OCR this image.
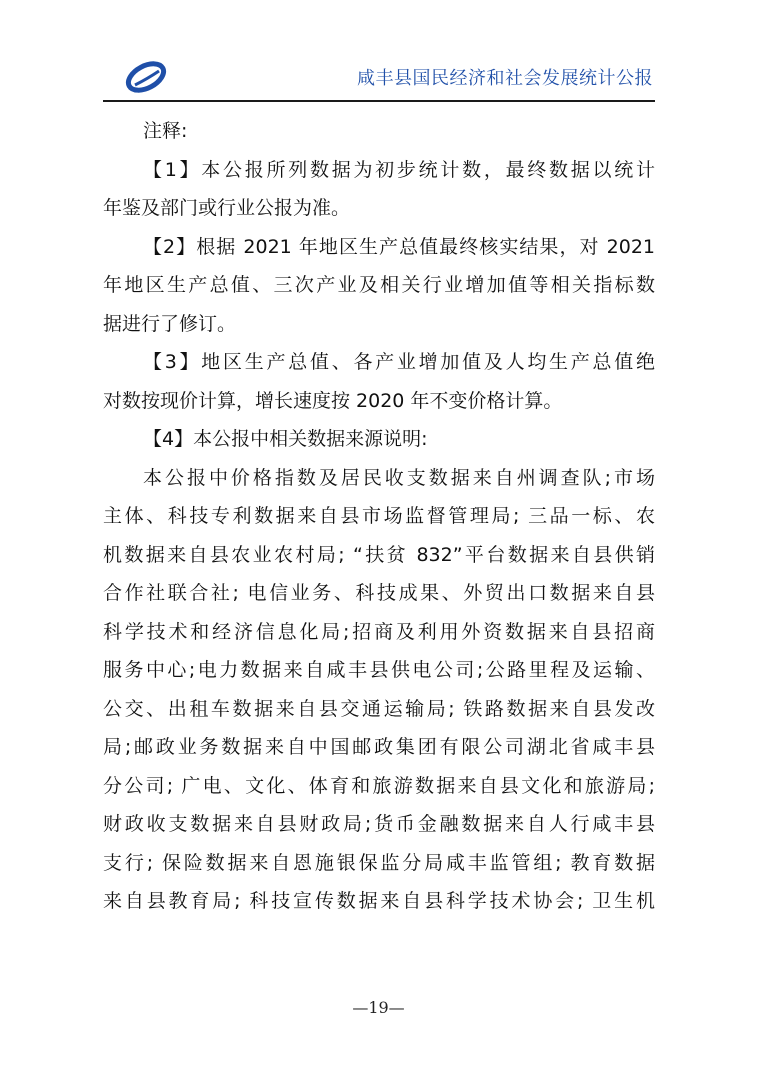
咸丰县国民经济和社会发展统计公报
注释:
【1】本公报所列数据为初步统计数，最终数据以统计
年鉴及部门或行业公报为准。
【2】根据 2021 年地区生产总值最终核实结果，对 2021
年地区生产总值、三次产业及相关行业增加值等相关指标数
据进行了修订。
【3】地区生产总值、各产业增加值及人均生产总值绝
对数按现价计算，增长速度按 2020 年不变价格计算。
【4】本公报中相关数据来源说明:
本公报中价格指数及居民收支数据来自州调查队;市场
主体、科技专利数据来自县市场监督管理局; 三品一标、农
机数据来自县农业农村局; “扶贫 832”平台数据来自县供销
合作社联合社; 电信业务、科技成果、外贸出口数据来自县
科学技术和经济信息化局;招商及利用外资数据来自县招商
服务中心;电力数据来自咸丰县供电公司;公路里程及运输、
公交、出租车数据来自县交通运输局; 铁路数据来自县发改
局;邮政业务数据来自中国邮政集团有限公司湖北省咸丰县
分公司; 广电、文化、体育和旅游数据来自县文化和旅游局;
财政收支数据来自县财政局;货币金融数据来自人行咸丰县
支行; 保险数据来自恩施银保监分局咸丰监管组; 教育数据
来自县教育局; 科技宣传数据来自县科学技术协会; 卫生机
—19—
